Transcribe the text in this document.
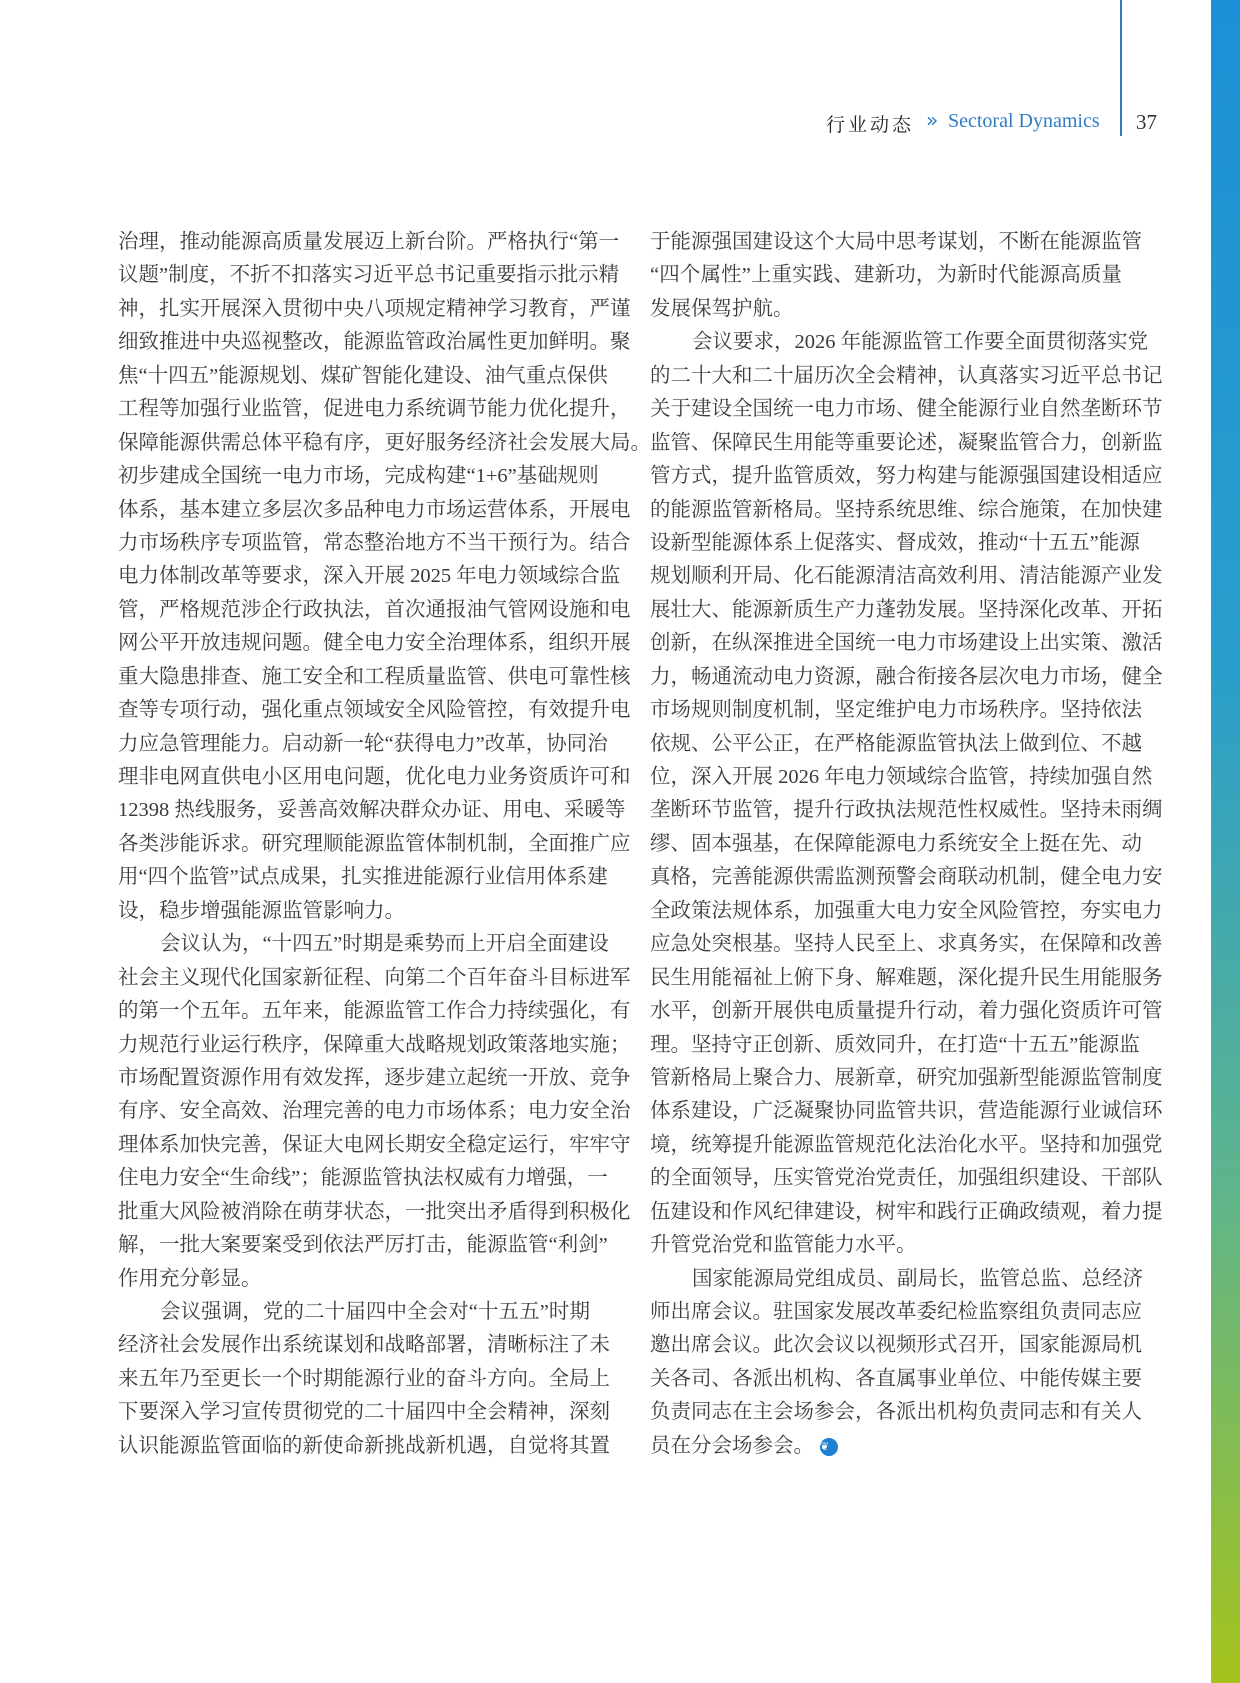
行业动态 » Sectoral Dynamics 37
治理，推动能源高质量发展迈上新台阶。严格执行“第一
议题”制度，不折不扣落实习近平总书记重要指示批示精
神，扎实开展深入贯彻中央八项规定精神学习教育，严谨
细致推进中央巡视整改，能源监管政治属性更加鲜明。聚
焦“十四五”能源规划、煤矿智能化建设、油气重点保供
工程等加强行业监管，促进电力系统调节能力优化提升，
保障能源供需总体平稳有序，更好服务经济社会发展大局。
初步建成全国统一电力市场，完成构建“1+6”基础规则
体系，基本建立多层次多品种电力市场运营体系，开展电
力市场秩序专项监管，常态整治地方不当干预行为。结合
电力体制改革等要求，深入开展 2025 年电力领域综合监
管，严格规范涉企行政执法，首次通报油气管网设施和电
网公平开放违规问题。健全电力安全治理体系，组织开展
重大隐患排查、施工安全和工程质量监管、供电可靠性核
查等专项行动，强化重点领域安全风险管控，有效提升电
力应急管理能力。启动新一轮“获得电力”改革，协同治
理非电网直供电小区用电问题，优化电力业务资质许可和
12398 热线服务，妥善高效解决群众办证、用电、采暖等
各类涉能诉求。研究理顺能源监管体制机制，全面推广应
用“四个监管”试点成果，扎实推进能源行业信用体系建
设，稳步增强能源监管影响力。
会议认为，“十四五”时期是乘势而上开启全面建设
社会主义现代化国家新征程、向第二个百年奋斗目标进军
的第一个五年。五年来，能源监管工作合力持续强化，有
力规范行业运行秩序，保障重大战略规划政策落地实施；
市场配置资源作用有效发挥，逐步建立起统一开放、竞争
有序、安全高效、治理完善的电力市场体系；电力安全治
理体系加快完善，保证大电网长期安全稳定运行，牢牢守
住电力安全“生命线”；能源监管执法权威有力增强，一
批重大风险被消除在萌芽状态，一批突出矛盾得到积极化
解，一批大案要案受到依法严厉打击，能源监管“利剑”
作用充分彰显。
会议强调，党的二十届四中全会对“十五五”时期
经济社会发展作出系统谋划和战略部署，清晰标注了未
来五年乃至更长一个时期能源行业的奋斗方向。全局上
下要深入学习宣传贯彻党的二十届四中全会精神，深刻
认识能源监管面临的新使命新挑战新机遇，自觉将其置
于能源强国建设这个大局中思考谋划，不断在能源监管
“四个属性”上重实践、建新功，为新时代能源高质量
发展保驾护航。
会议要求，2026 年能源监管工作要全面贯彻落实党
的二十大和二十届历次全会精神，认真落实习近平总书记
关于建设全国统一电力市场、健全能源行业自然垄断环节
监管、保障民生用能等重要论述，凝聚监管合力，创新监
管方式，提升监管质效，努力构建与能源强国建设相适应
的能源监管新格局。坚持系统思维、综合施策，在加快建
设新型能源体系上促落实、督成效，推动“十五五”能源
规划顺利开局、化石能源清洁高效利用、清洁能源产业发
展壮大、能源新质生产力蓬勃发展。坚持深化改革、开拓
创新，在纵深推进全国统一电力市场建设上出实策、激活
力，畅通流动电力资源，融合衔接各层次电力市场，健全
市场规则制度机制，坚定维护电力市场秩序。坚持依法
依规、公平公正，在严格能源监管执法上做到位、不越
位，深入开展 2026 年电力领域综合监管，持续加强自然
垄断环节监管，提升行政执法规范性权威性。坚持未雨绸
缪、固本强基，在保障能源电力系统安全上挺在先、动
真格，完善能源供需监测预警会商联动机制，健全电力安
全政策法规体系，加强重大电力安全风险管控，夯实电力
应急处突根基。坚持人民至上、求真务实，在保障和改善
民生用能福祉上俯下身、解难题，深化提升民生用能服务
水平，创新开展供电质量提升行动，着力强化资质许可管
理。坚持守正创新、质效同升，在打造“十五五”能源监
管新格局上聚合力、展新章，研究加强新型能源监管制度
体系建设，广泛凝聚协同监管共识，营造能源行业诚信环
境，统筹提升能源监管规范化法治化水平。坚持和加强党
的全面领导，压实管党治党责任，加强组织建设、干部队
伍建设和作风纪律建设，树牢和践行正确政绩观，着力提
升管党治党和监管能力水平。
国家能源局党组成员、副局长，监管总监、总经济
师出席会议。驻国家发展改革委纪检监察组负责同志应
邀出席会议。此次会议以视频形式召开，国家能源局机
关各司、各派出机构、各直属事业单位、中能传媒主要
负责同志在主会场参会，各派出机构负责同志和有关人
员在分会场参会。 ❦
